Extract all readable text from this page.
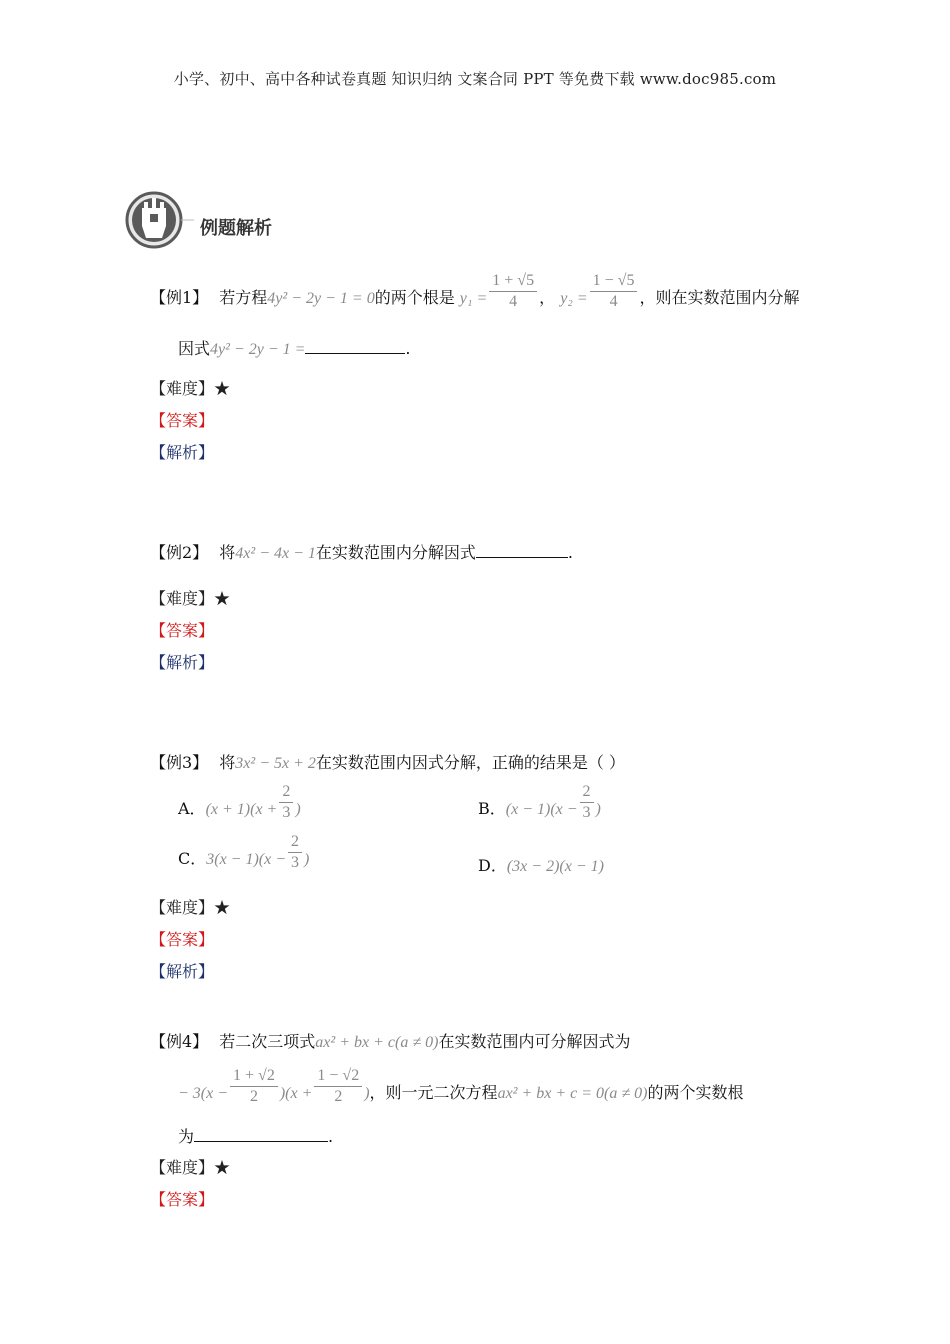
小学、初中、高中各种试卷真题 知识归纳 文案合同 PPT 等免费下载 www.doc985.com
例题解析
【例1】 若方程4y² − 2y − 1 = 0的两个根是 $y_1 = \frac{1 + √5}{4}$ ， $y_2 = \frac{1 - √5}{4}$ ，则在实数范围内分解
因式4y² − 2y − 1 =	.
【难度】★
【答案】
【解析】
【例2】 将4x² − 4x − 1在实数范围内分解因式	.
【难度】★
【答案】
【解析】
【例3】 将3x² − 5x + 2在实数范围内因式分解，正确的结果是（ ）
A．$(x + 1)(x + \frac{2}{3}$ )	B．$(x - 1)(x - \frac{2}{3}$ )
C．$3(x - 1)(x - \frac{2}{3}$ )	D．(3x − 2)(x − 1)
【难度】★
【答案】
【解析】
【例4】 若二次三项式ax² + bx + c(a ≠ 0)在实数范围内可分解因式为
− $3(x - \frac{1 + √2}{2} )(x + \frac{1 - √2}{2}$ )，则一元二次方程ax² + bx + c = 0(a ≠ 0)的两个实数根
为	.
【难度】★
【答案】
